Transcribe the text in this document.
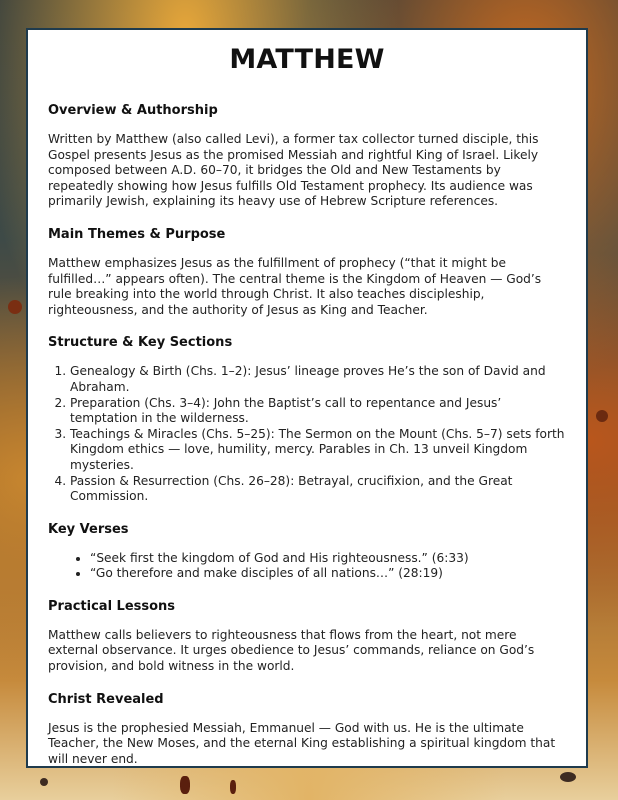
MATTHEW
Overview & Authorship

Written by Matthew (also called Levi), a former tax collector turned disciple, this Gospel presents Jesus as the promised Messiah and rightful King of Israel. Likely composed between A.D. 60–70, it bridges the Old and New Testaments by repeatedly showing how Jesus fulfills Old Testament prophecy. Its audience was primarily Jewish, explaining its heavy use of Hebrew Scripture references.

Main Themes & Purpose

Matthew emphasizes Jesus as the fulfillment of prophecy (“that it might be fulfilled…” appears often). The central theme is the Kingdom of Heaven — God’s rule breaking into the world through Christ. It also teaches discipleship, righteousness, and the authority of Jesus as King and Teacher.

Structure & Key Sections
1. Genealogy & Birth (Chs. 1–2): Jesus’ lineage proves He’s the son of David and Abraham.
2. Preparation (Chs. 3–4): John the Baptist’s call to repentance and Jesus’ temptation in the wilderness.
3. Teachings & Miracles (Chs. 5–25): The Sermon on the Mount (Chs. 5–7) sets forth Kingdom ethics — love, humility, mercy. Parables in Ch. 13 unveil Kingdom mysteries.
4. Passion & Resurrection (Chs. 26–28): Betrayal, crucifixion, and the Great Commission.
Key Verses
• “Seek first the kingdom of God and His righteousness.” (6:33)
• “Go therefore and make disciples of all nations…” (28:19)
Practical Lessons

Matthew calls believers to righteousness that flows from the heart, not mere external observance. It urges obedience to Jesus’ commands, reliance on God’s provision, and bold witness in the world.

Christ Revealed

Jesus is the prophesied Messiah, Emmanuel — God with us. He is the ultimate Teacher, the New Moses, and the eternal King establishing a spiritual kingdom that will never end.
